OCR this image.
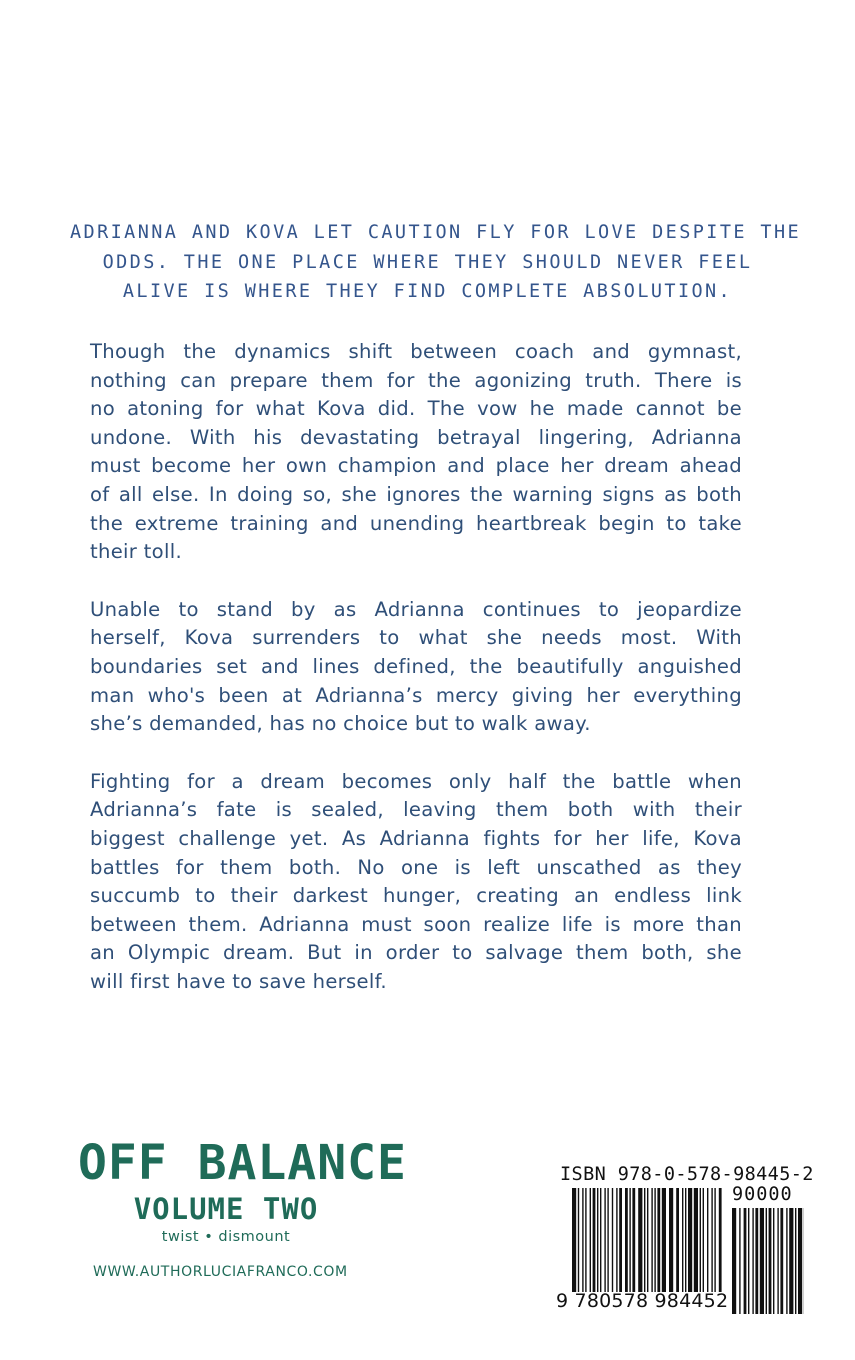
ADRIANNA AND KOVA LET CAUTION FLY FOR LOVE DESPITE THE
ODDS. THE ONE PLACE WHERE THEY SHOULD NEVER FEEL
ALIVE IS WHERE THEY FIND COMPLETE ABSOLUTION.

Though the dynamics shift between coach and gymnast,
nothing can prepare them for the agonizing truth. There is
no atoning for what Kova did. The vow he made cannot be
undone. With his devastating betrayal lingering, Adrianna
must become her own champion and place her dream ahead
of all else. In doing so, she ignores the warning signs as both
the extreme training and unending heartbreak begin to take
their toll.

Unable to stand by as Adrianna continues to jeopardize
herself, Kova surrenders to what she needs most. With
boundaries set and lines defined, the beautifully anguished
man who's been at Adrianna’s mercy giving her everything
she’s demanded, has no choice but to walk away.

Fighting for a dream becomes only half the battle when
Adrianna’s fate is sealed, leaving them both with their
biggest challenge yet. As Adrianna fights for her life, Kova
battles for them both. No one is left unscathed as they
succumb to their darkest hunger, creating an endless link
between them. Adrianna must soon realize life is more than
an Olympic dream. But in order to salvage them both, she
will first have to save herself.

OFF BALANCE
VOLUME TWO
twist • dismount
WWW.AUTHORLUCIAFRANCO.COM
ISBN 978-0-578-98445-2
90000
9 780578 984452
